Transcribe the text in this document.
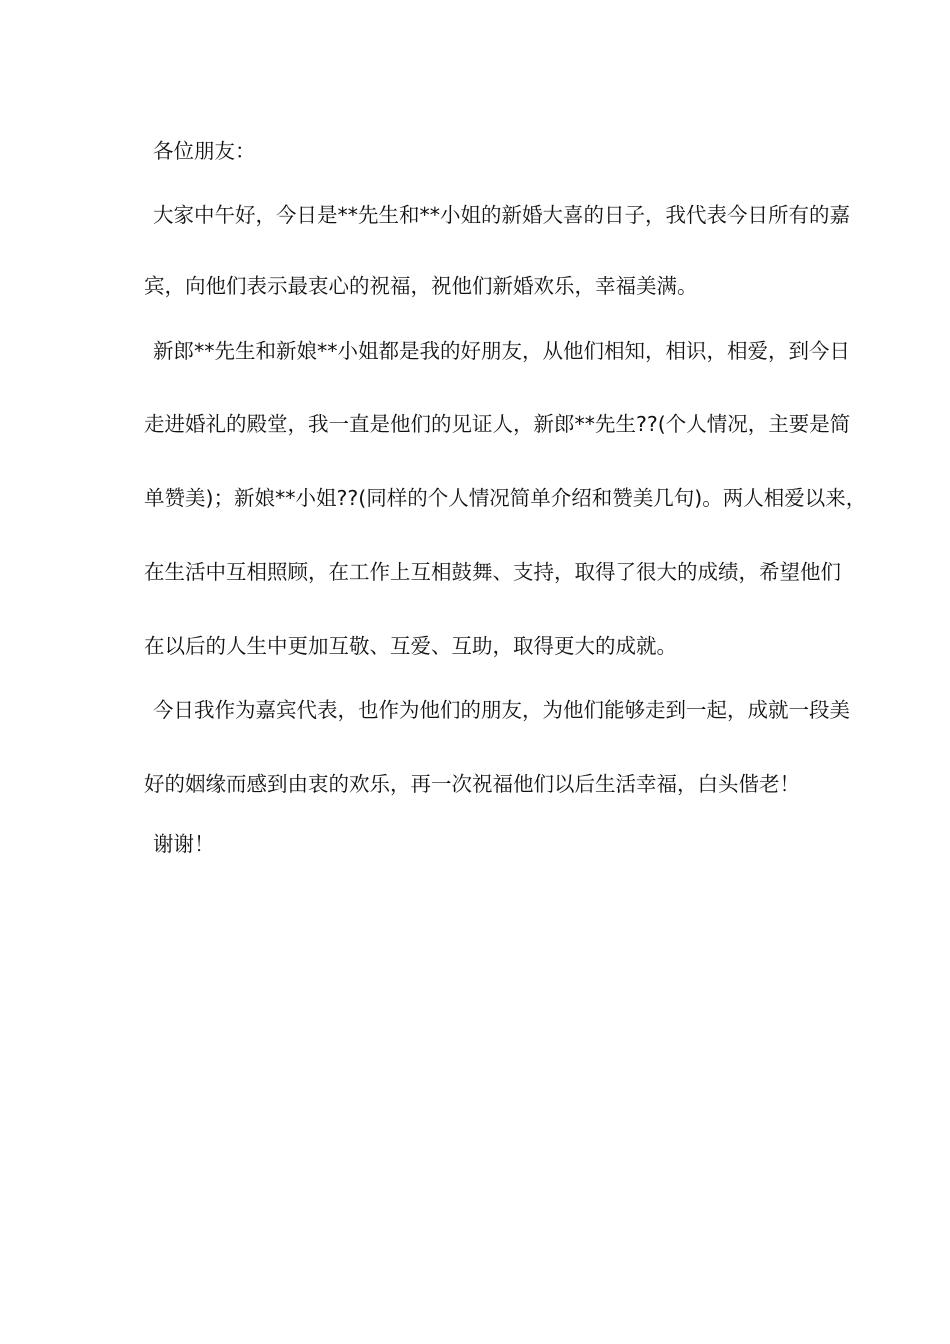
各位朋友：
大家中午好，今日是**先生和**小姐的新婚大喜的日子，我代表今日所有的嘉
宾，向他们表示最衷心的祝福，祝他们新婚欢乐，幸福美满。
新郎**先生和新娘**小姐都是我的好朋友，从他们相知，相识，相爱，到今日
走进婚礼的殿堂，我一直是他们的见证人，新郎**先生??(个人情况，主要是简
单赞美)；新娘**小姐??(同样的个人情况简单介绍和赞美几句)。两人相爱以来，
在生活中互相照顾，在工作上互相鼓舞、支持，取得了很大的成绩，希望他们
在以后的人生中更加互敬、互爱、互助，取得更大的成就。
今日我作为嘉宾代表，也作为他们的朋友，为他们能够走到一起，成就一段美
好的姻缘而感到由衷的欢乐，再一次祝福他们以后生活幸福，白头偕老！
谢谢！
